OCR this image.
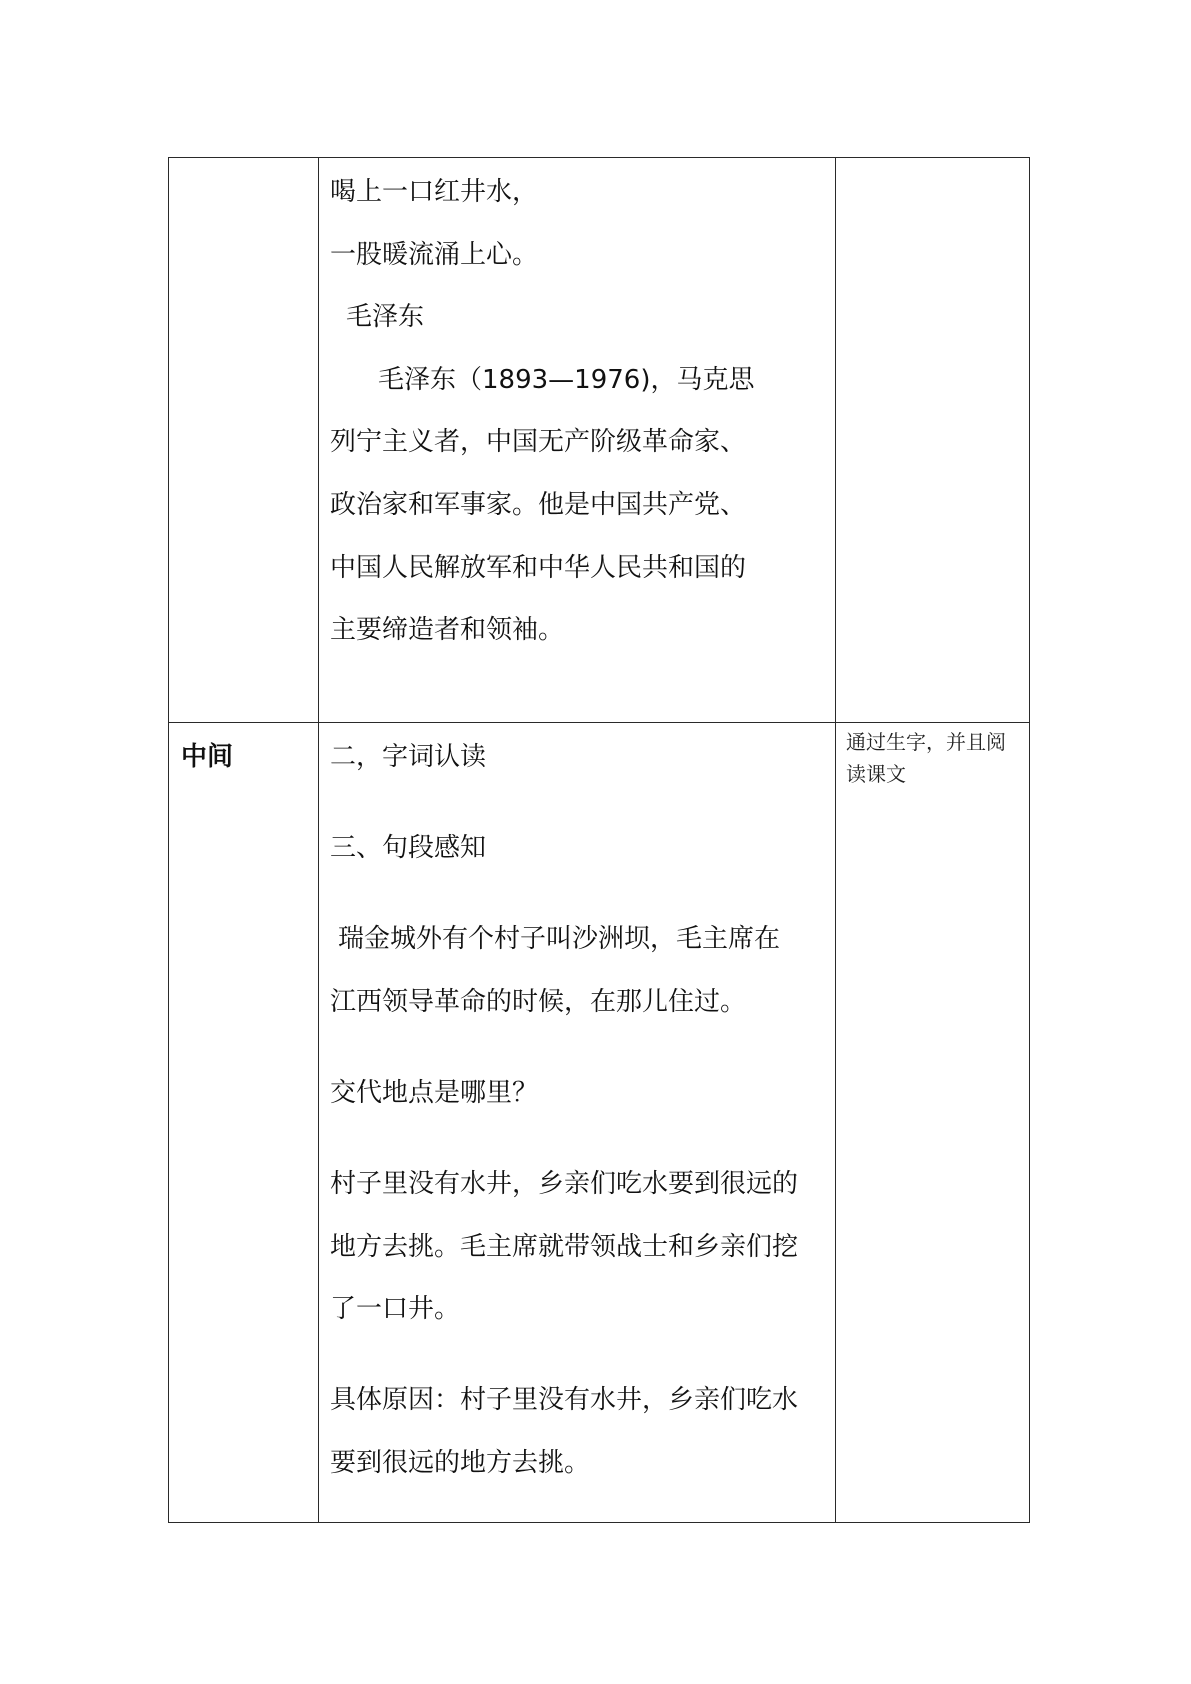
喝上一口红井水，
一股暖流涌上心。
毛泽东
毛泽东（1893—1976)，马克思
列宁主义者，中国无产阶级革命家、
政治家和军事家。他是中国共产党、
中国人民解放军和中华人民共和国的
主要缔造者和领袖。
中间	二，字词认读
三、句段感知
瑞金城外有个村子叫沙洲坝，毛主席在
江西领导革命的时候，在那儿住过。
交代地点是哪里？
村子里没有水井，乡亲们吃水要到很远的
地方去挑。毛主席就带领战士和乡亲们挖
了一口井。
具体原因：村子里没有水井，乡亲们吃水
要到很远的地方去挑。
通过生字，并且阅读课文
